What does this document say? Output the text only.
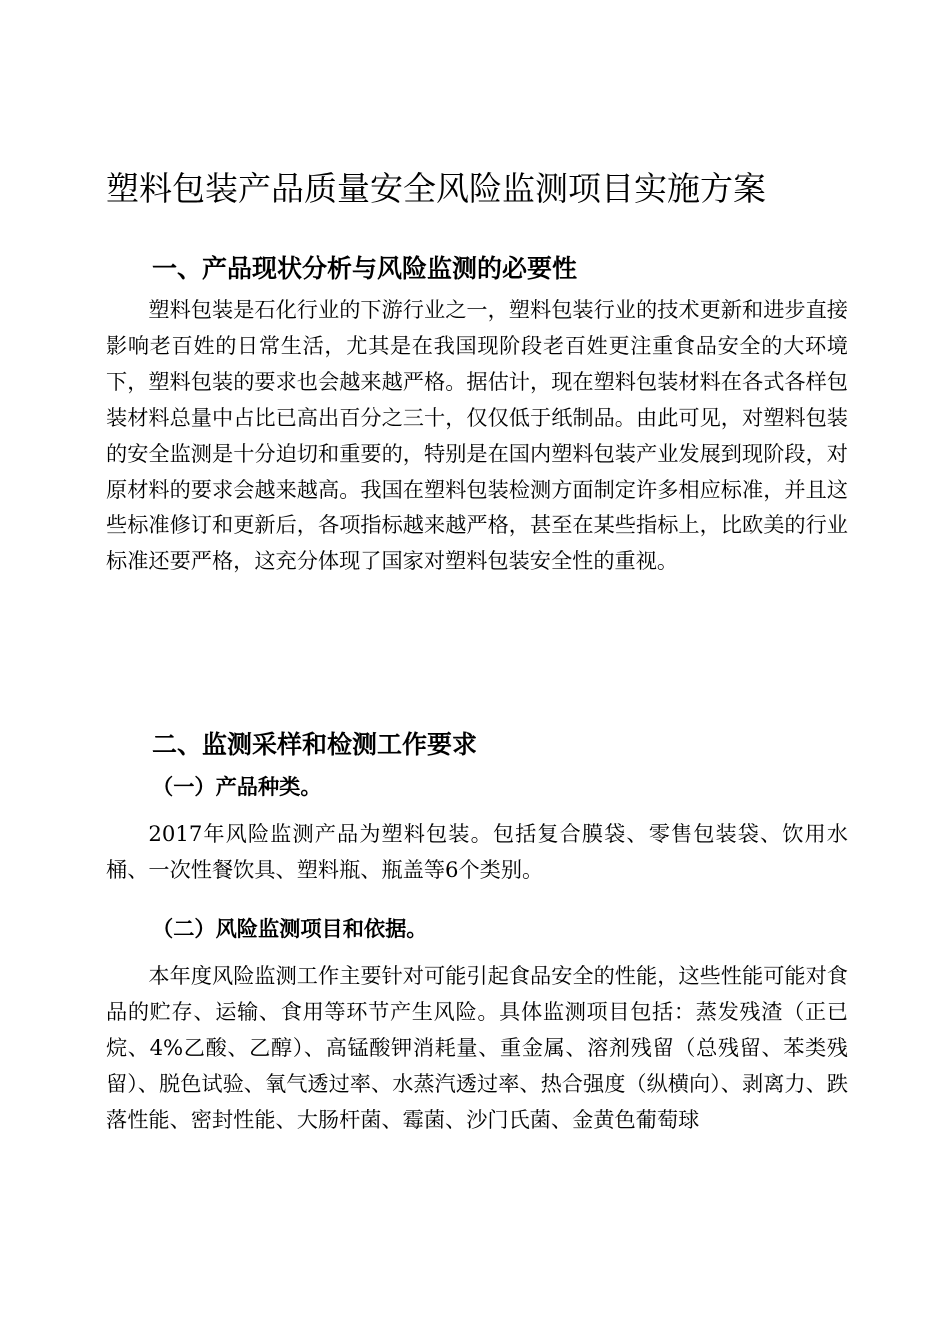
塑料包装产品质量安全风险监测项目实施方案
一、产品现状分析与风险监测的必要性

塑料包装是石化行业的下游行业之一，塑料包装行业的技术更新和进步直接影响老百姓的日常生活，尤其是在我国现阶段老百姓更注重食品安全的大环境下，塑料包装的要求也会越来越严格。据估计，现在塑料包装材料在各式各样包装材料总量中占比已高出百分之三十，仅仅低于纸制品。由此可见，对塑料包装的安全监测是十分迫切和重要的，特别是在国内塑料包装产业发展到现阶段，对原材料的要求会越来越高。我国在塑料包装检测方面制定许多相应标准，并且这些标准修订和更新后，各项指标越来越严格，甚至在某些指标上，比欧美的行业标准还要严格，这充分体现了国家对塑料包装安全性的重视。

二、监测采样和检测工作要求
（一）产品种类。

2017年风险监测产品为塑料包装。包括复合膜袋、零售包装袋、饮用水桶、一次性餐饮具、塑料瓶、瓶盖等6个类别。

（二）风险监测项目和依据。

本年度风险监测工作主要针对可能引起食品安全的性能，这些性能可能对食品的贮存、运输、食用等环节产生风险。具体监测项目包括：蒸发残渣（正已烷、4%乙酸、乙醇）、高锰酸钾消耗量、重金属、溶剂残留（总残留、苯类残留）、脱色试验、氧气透过率、水蒸汽透过率、热合强度（纵横向）、剥离力、跌落性能、密封性能、大肠杆菌、霉菌、沙门氏菌、金黄色葡萄球
